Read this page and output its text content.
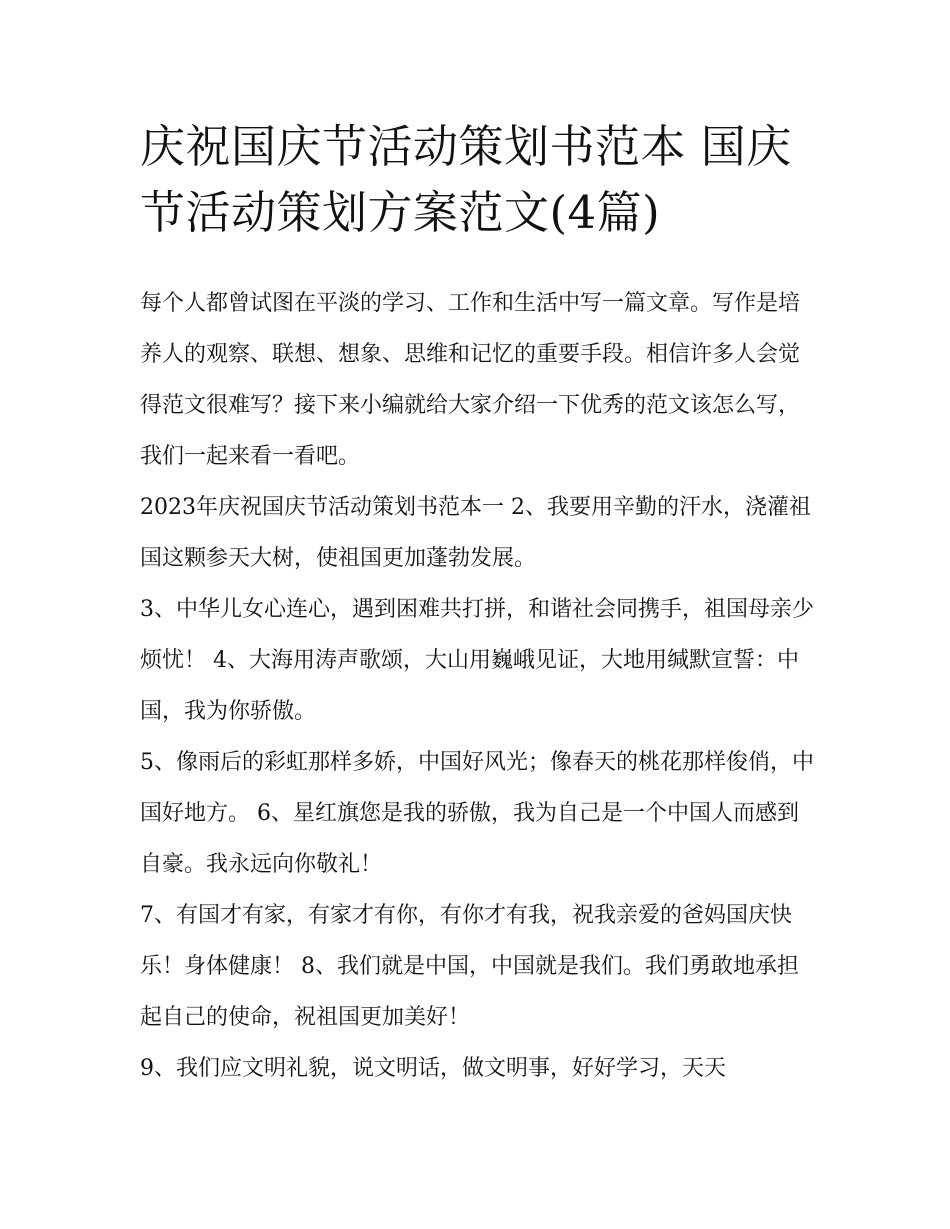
庆祝国庆节活动策划书范本 国庆节活动策划方案范文(4篇)

每个人都曾试图在平淡的学习、工作和生活中写一篇文章。写作是培养人的观察、联想、想象、思维和记忆的重要手段。相信许多人会觉得范文很难写？接下来小编就给大家介绍一下优秀的范文该怎么写，我们一起来看一看吧。

2023年庆祝国庆节活动策划书范本一 2、我要用辛勤的汗水，浇灌祖国这颗参天大树，使祖国更加蓬勃发展。

3、中华儿女心连心，遇到困难共打拼，和谐社会同携手，祖国母亲少烦忧！ 4、大海用涛声歌颂，大山用巍峨见证，大地用缄默宣誓：中国，我为你骄傲。

5、像雨后的彩虹那样多娇，中国好风光；像春天的桃花那样俊俏，中国好地方。 6、星红旗您是我的骄傲，我为自己是一个中国人而感到自豪。我永远向你敬礼！

7、有国才有家，有家才有你，有你才有我，祝我亲爱的爸妈国庆快乐！身体健康！ 8、我们就是中国，中国就是我们。我们勇敢地承担起自己的使命，祝祖国更加美好！

9、我们应文明礼貌，说文明话，做文明事，好好学习，天天
